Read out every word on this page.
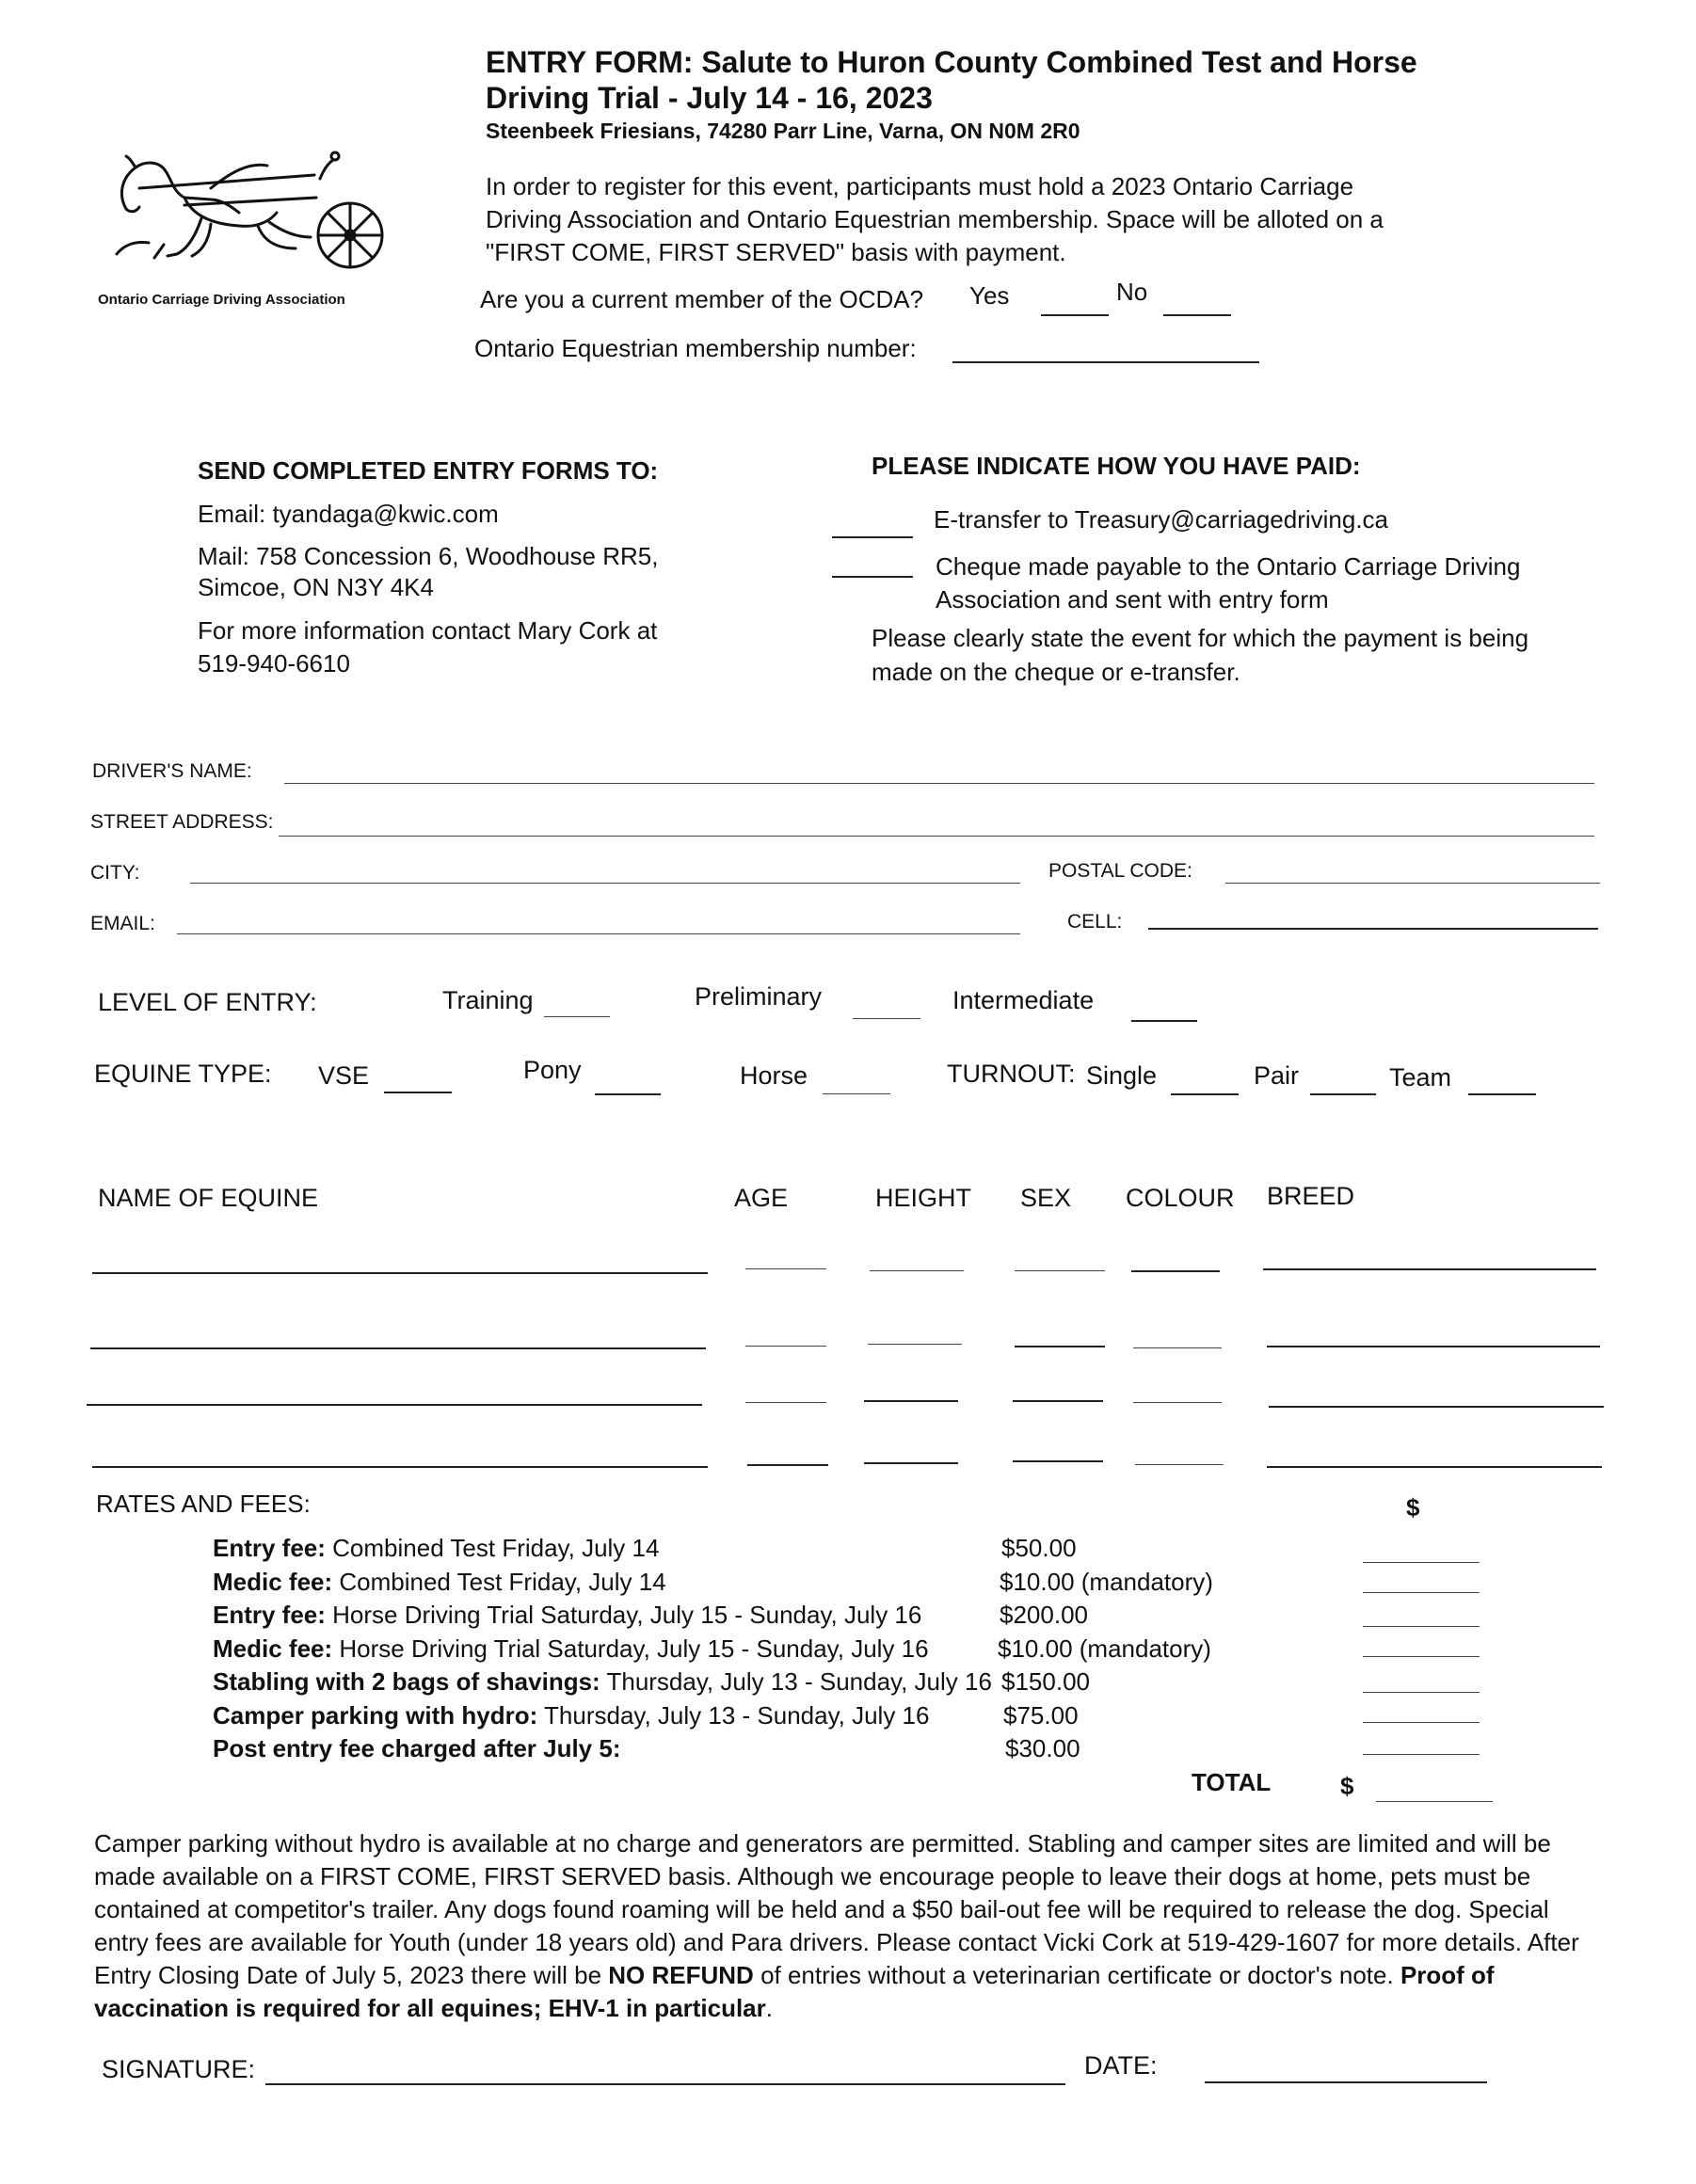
ENTRY FORM: Salute to Huron County Combined Test and Horse
Driving Trial - July 14 - 16, 2023
Steenbeek Friesians, 74280 Parr Line, Varna, ON N0M 2R0
Ontario Carriage Driving Association
In order to register for this event, participants must hold a 2023 Ontario Carriage
Driving Association and Ontario Equestrian membership. Space will be alloted on a
"FIRST COME, FIRST SERVED" basis with payment.
Are you a current member of the OCDA? Yes	No
Ontario Equestrian membership number:
SEND COMPLETED ENTRY FORMS TO:
Email: tyandaga@kwic.com
Mail: 758 Concession 6, Woodhouse RR5,
Simcoe, ON N3Y 4K4
For more information contact Mary Cork at
519-940-6610
PLEASE INDICATE HOW YOU HAVE PAID:
E-transfer to Treasury@carriagedriving.ca
Cheque made payable to the Ontario Carriage Driving
Association and sent with entry form
Please clearly state the event for which the payment is being
made on the cheque or e-transfer.
DRIVER'S NAME:
STREET ADDRESS:
CITY:	POSTAL CODE:
EMAIL:	CELL:
LEVEL OF ENTRY:	Training	Preliminary	Intermediate
EQUINE TYPE: VSE	Pony	Horse	TURNOUT: Single	Pair	Team
NAME OF EQUINE	AGE	HEIGHT SEX COLOUR BREED
RATES AND FEES:	$
Entry fee: Combined Test Friday, July 14	$50.00
Medic fee: Combined Test Friday, July 14	$10.00 (mandatory)
Entry fee: Horse Driving Trial Saturday, July 15 - Sunday, July 16	$200.00
Medic fee: Horse Driving Trial Saturday, July 15 - Sunday, July 16	$10.00 (mandatory)
Stabling with 2 bags of shavings: Thursday, July 13 - Sunday, July 16 $150.00
Camper parking with hydro: Thursday, July 13 - Sunday, July 16	$75.00
Post entry fee charged after July 5:	$30.00
TOTAL	$
Camper parking without hydro is available at no charge and generators are permitted. Stabling and camper sites are limited and will be made available on a FIRST COME, FIRST SERVED basis. Although we encourage people to leave their dogs at home, pets must be contained at competitor's trailer. Any dogs found roaming will be held and a $50 bail-out fee will be required to release the dog. Special entry fees are available for Youth (under 18 years old) and Para drivers. Please contact Vicki Cork at 519-429-1607 for more details. After Entry Closing Date of July 5, 2023 there will be NO REFUND of entries without a veterinarian certificate or doctor's note. Proof of vaccination is required for all equines; EHV-1 in particular.
SIGNATURE:	DATE:
